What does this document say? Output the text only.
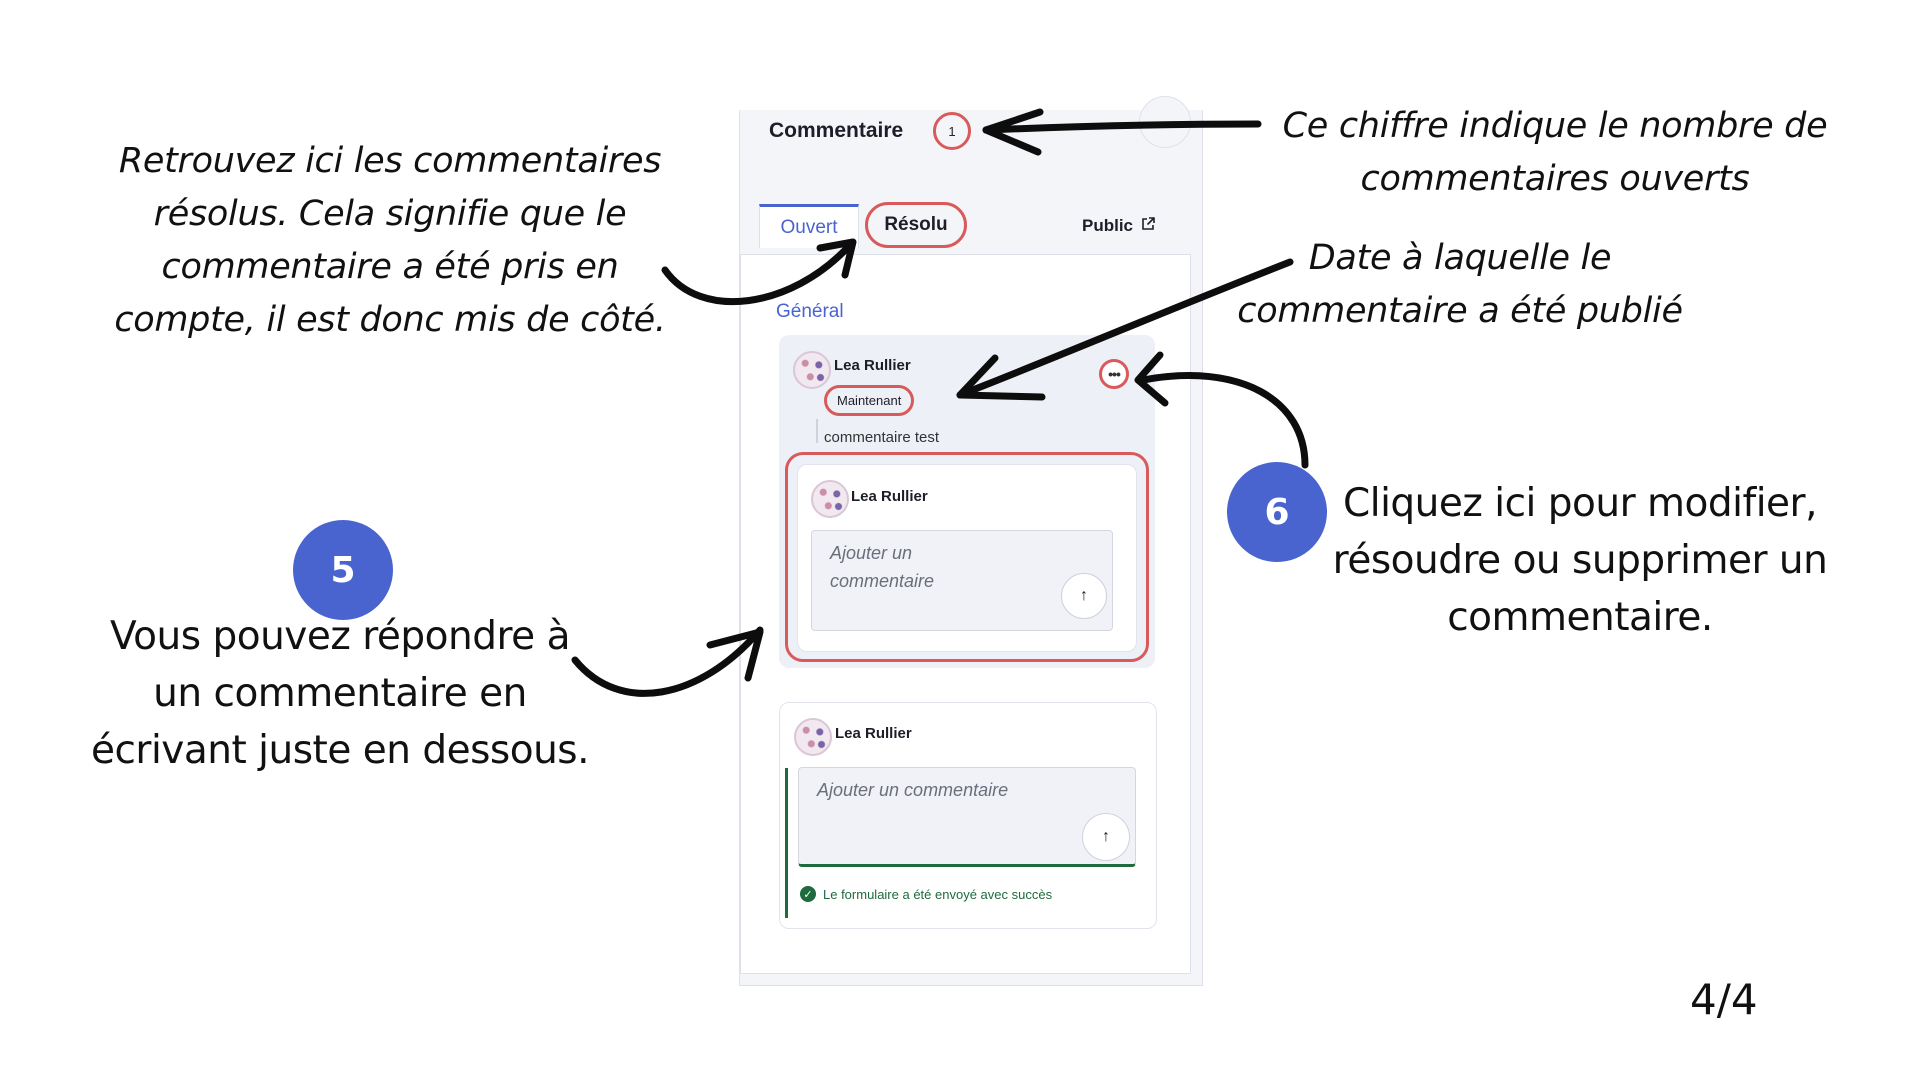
Retrouvez ici les commentaires
résolus. Cela signifie que le
commentaire a été pris en
compte, il est donc mis de côté.
Ce chiffre indique le nombre de
commentaires ouverts
Date à laquelle le
commentaire a été publié
5
Vous pouvez répondre à
un commentaire en
écrivant juste en dessous.
6	Cliquez ici pour modifier,
résoudre ou supprimer un
commentaire.
4/4
Commentaire	1
Ouvert	Résolu	Public
Général
Lea Rullier
Maintenant
•••
commentaire test
Lea Rullier
Ajouter un
commentaire
↑
Lea Rullier
Ajouter un commentaire
↑
✓ Le formulaire a été envoyé avec succès
